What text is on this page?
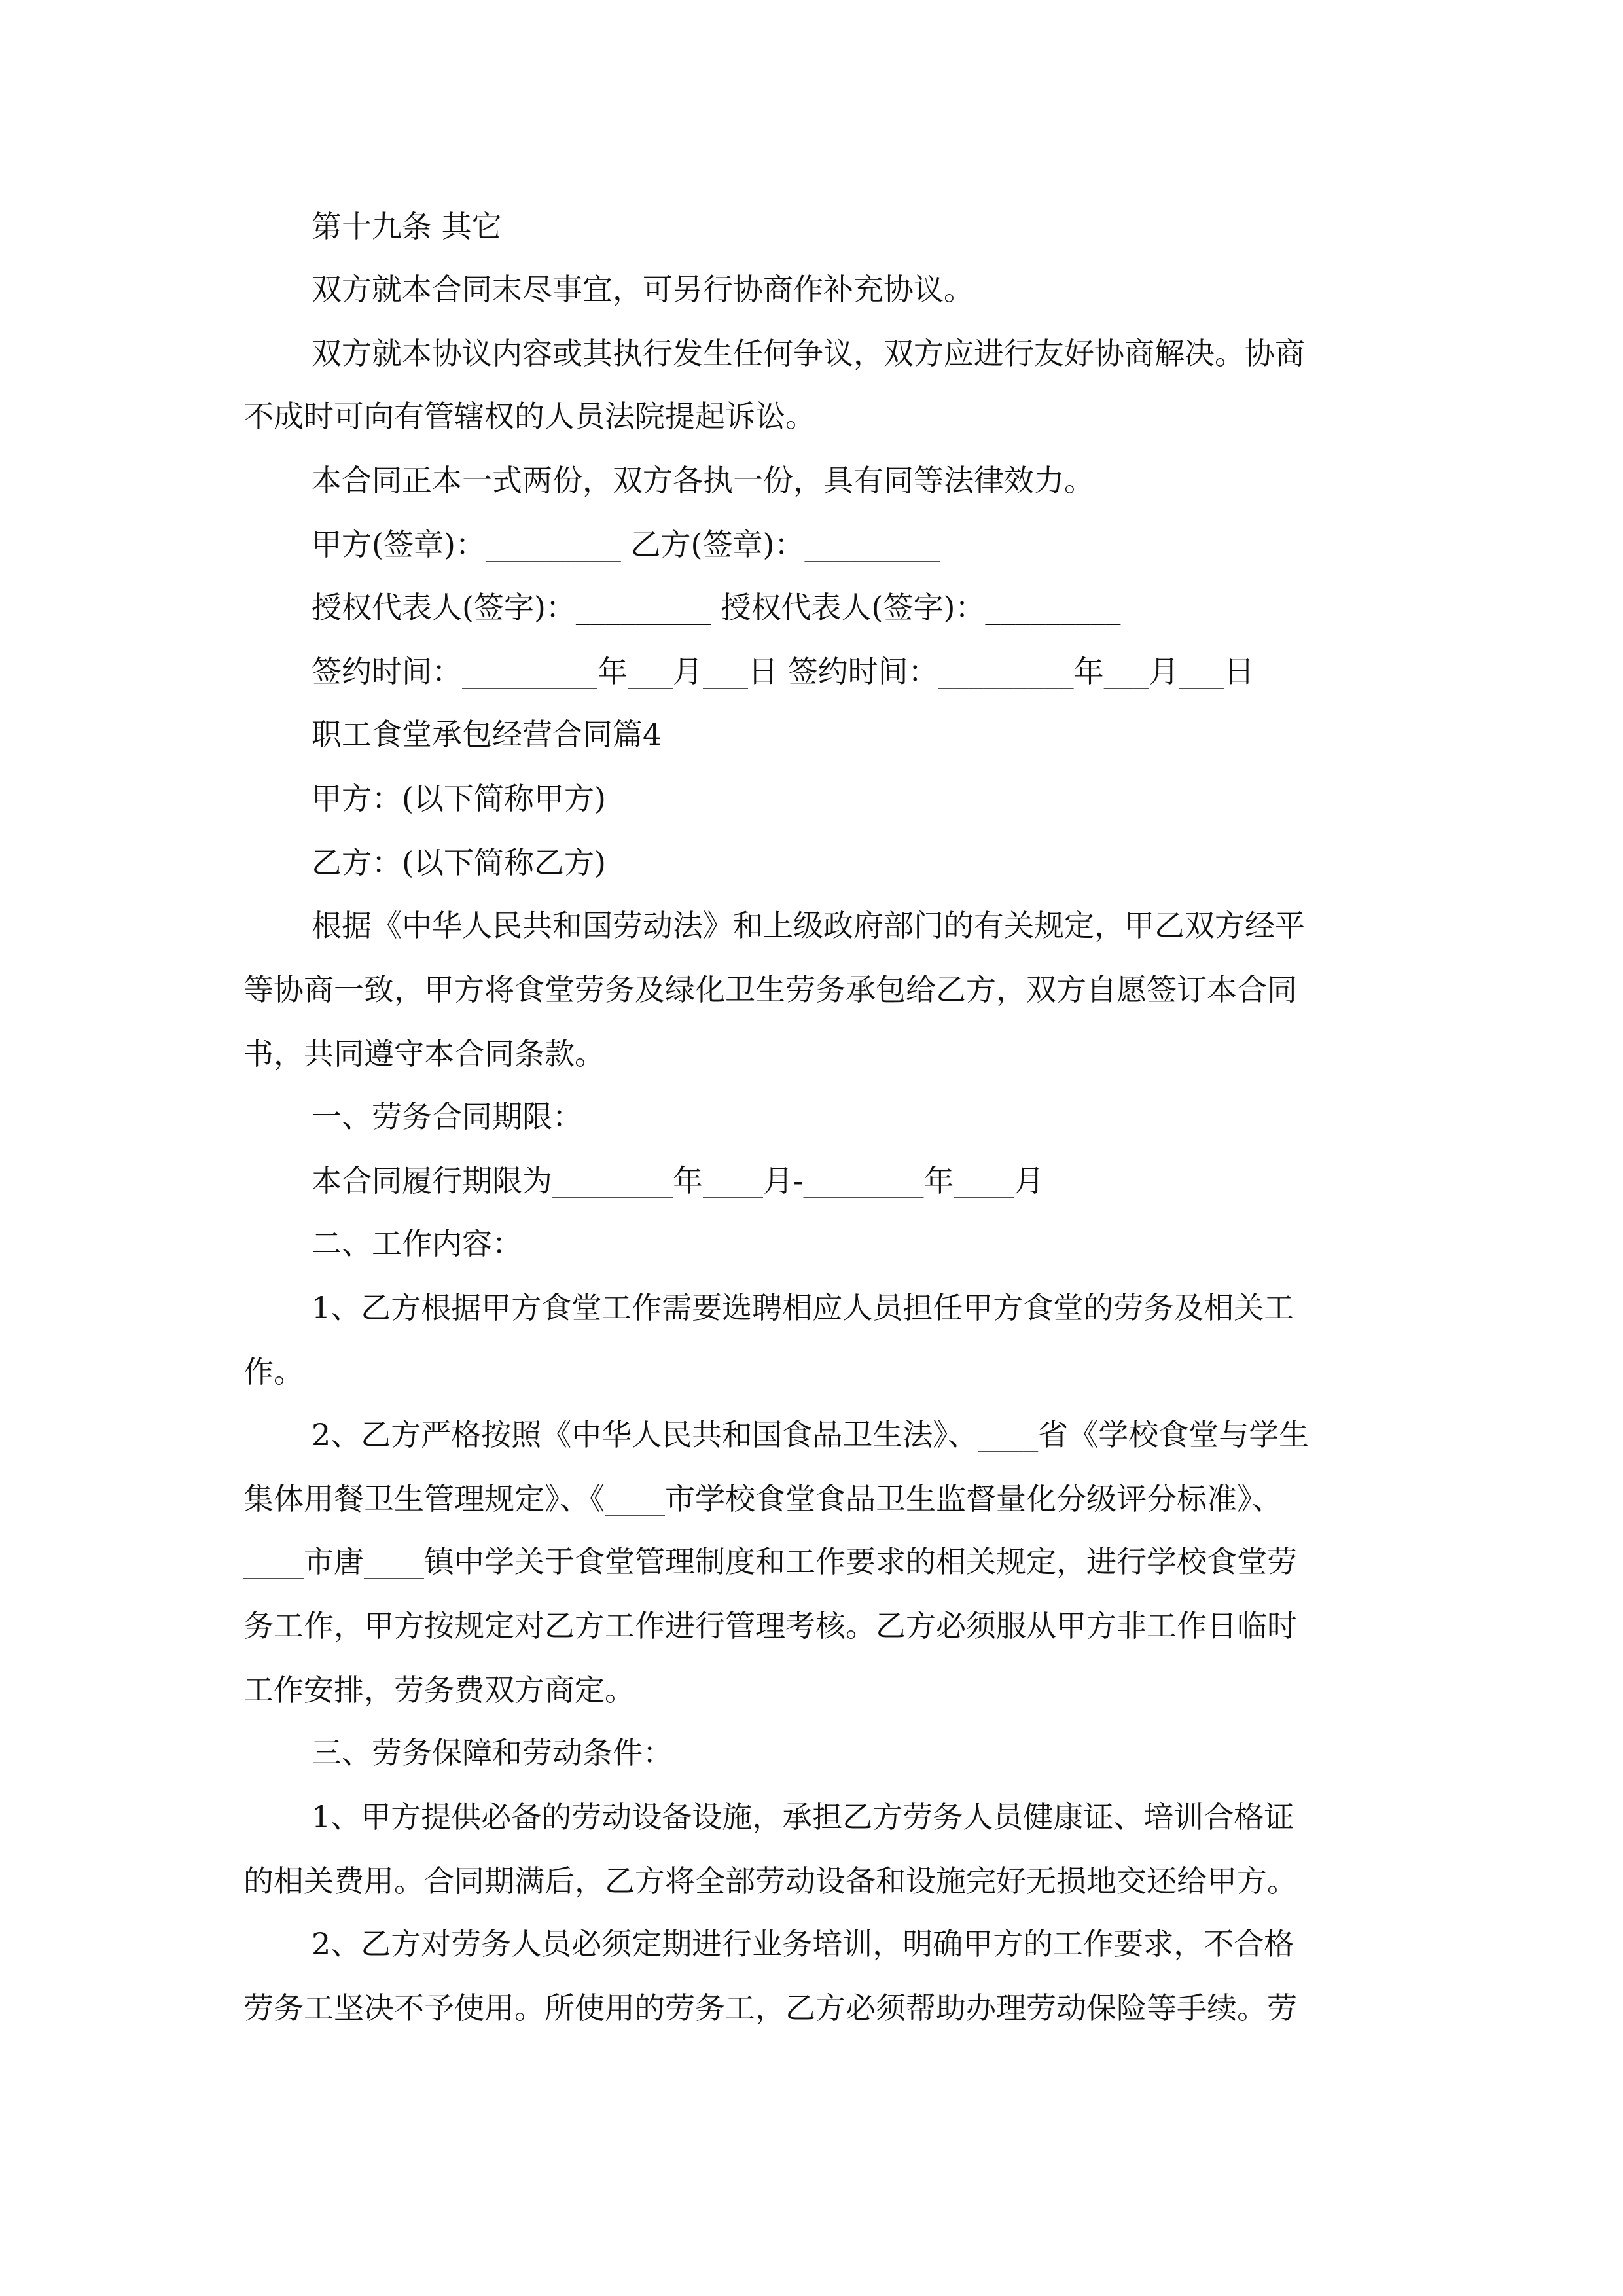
第十九条 其它
双方就本合同末尽事宜，可另行协商作补充协议。
双方就本协议内容或其执行发生任何争议，双方应进行友好协商解决。协商
不成时可向有管辖权的人员法院提起诉讼。
本合同正本一式两份，双方各执一份，具有同等法律效力。
甲方(签章)：_________ 乙方(签章)：_________
授权代表人(签字)：_________ 授权代表人(签字)：_________
签约时间：_________年___月___日 签约时间：_________年___月___日
职工食堂承包经营合同篇4
甲方：(以下简称甲方)
乙方：(以下简称乙方)
根据《中华人民共和国劳动法》和上级政府部门的有关规定，甲乙双方经平
等协商一致，甲方将食堂劳务及绿化卫生劳务承包给乙方，双方自愿签订本合同
书，共同遵守本合同条款。
一、劳务合同期限：
本合同履行期限为________年____月-________年____月
二、工作内容：
1、乙方根据甲方食堂工作需要选聘相应人员担任甲方食堂的劳务及相关工
作。
2、乙方严格按照《中华人民共和国食品卫生法》、____省《学校食堂与学生
集体用餐卫生管理规定》、《____市学校食堂食品卫生监督量化分级评分标准》、
____市唐____镇中学关于食堂管理制度和工作要求的相关规定，进行学校食堂劳
务工作，甲方按规定对乙方工作进行管理考核。乙方必须服从甲方非工作日临时
工作安排，劳务费双方商定。
三、劳务保障和劳动条件：
1、甲方提供必备的劳动设备设施，承担乙方劳务人员健康证、培训合格证
的相关费用。合同期满后，乙方将全部劳动设备和设施完好无损地交还给甲方。
2、乙方对劳务人员必须定期进行业务培训，明确甲方的工作要求，不合格
劳务工坚决不予使用。所使用的劳务工，乙方必须帮助办理劳动保险等手续。劳
